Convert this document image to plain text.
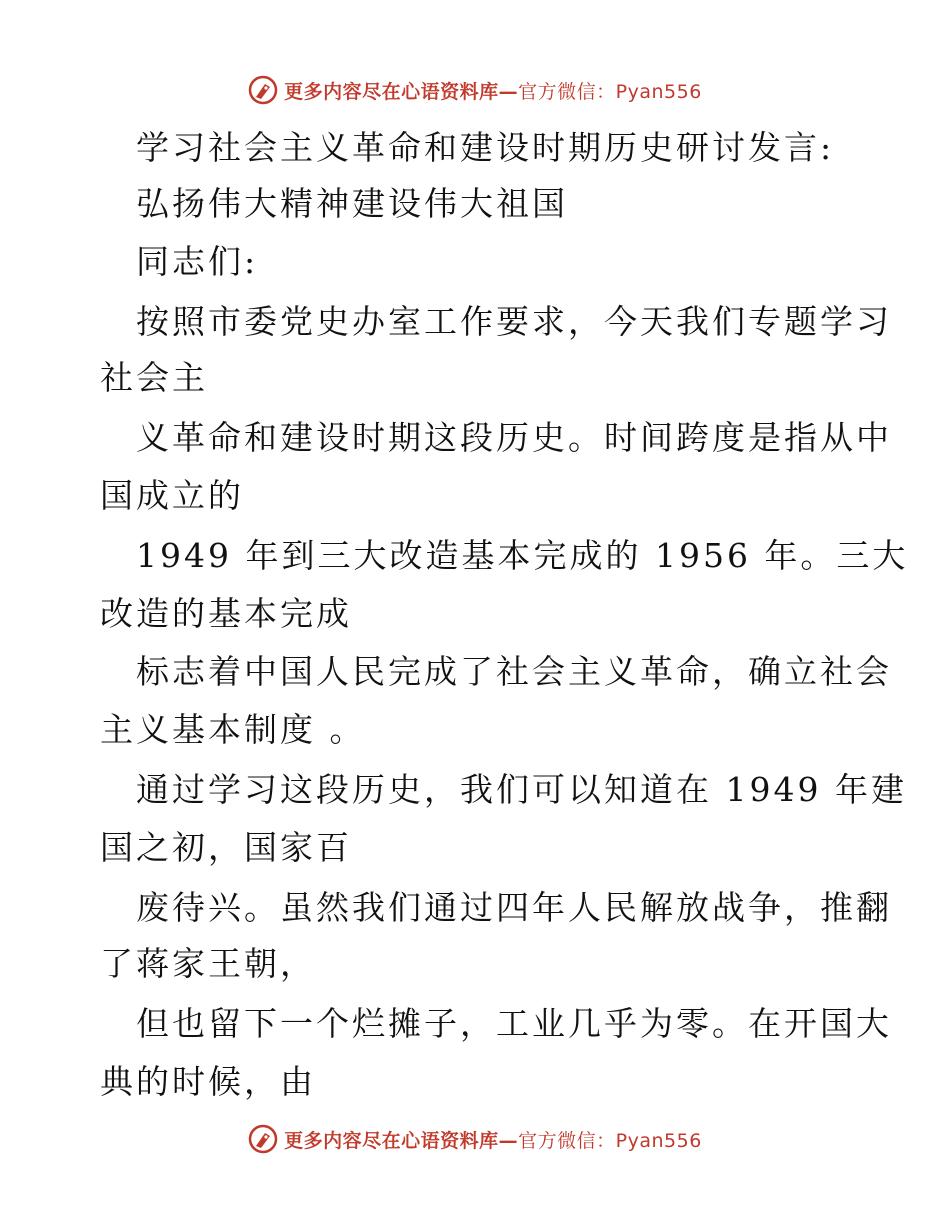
更多内容尽在心语资料库—官方微信：Pyan556
学习社会主义革命和建设时期历史研讨发言:
弘扬伟大精神建设伟大祖国
同志们:
按照市委党史办室工作要求，今天我们专题学习
社会主
义革命和建设时期这段历史。时间跨度是指从中
国成立的
1949 年到三大改造基本完成的 1956 年。三大
改造的基本完成
标志着中国人民完成了社会主义革命，确立社会
主义基本制度 。
通过学习这段历史，我们可以知道在 1949 年建
国之初，国家百
废待兴。虽然我们通过四年人民解放战争，推翻
了蒋家王朝，
但也留下一个烂摊子，工业几乎为零。在开国大
典的时候，由
更多内容尽在心语资料库—官方微信：Pyan556
